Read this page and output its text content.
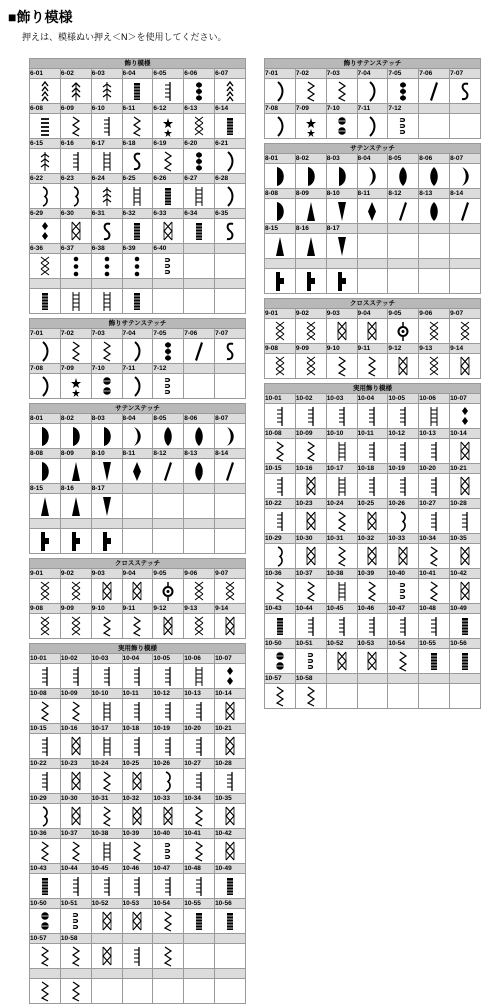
■飾り模様
押えは、模様ぬい押え＜N＞を使用してください。
飾り模様						
6-01	6-02	6-03	6-04	6-05	6-06	6-07

6-08	6-09	6-10	6-11	6-12	6-13	6-14

6-15	6-16	6-17	6-18	6-19	6-20	6-21

6-22	6-23	6-24	6-25	6-26	6-27	6-28

6-29	6-30	6-31	6-32	6-33	6-34	6-35

6-36	6-37	6-38	6-39	6-40		

飾りサテンステッチ						
7-01	7-02	7-03	7-04	7-05	7-06	7-07

7-08	7-09	7-10	7-11	7-12		

サテンステッチ						
8-01	8-02	8-03	8-04	8-05	8-06	8-07

8-08	8-09	8-10	8-11	8-12	8-13	8-14

8-15	8-16	8-17				

クロスステッチ						
9-01	9-02	9-03	9-04	9-05	9-06	9-07

9-08	9-09	9-10	9-11	9-12	9-13	9-14

実用飾り模様						
10-01	10-02	10-03	10-04	10-05	10-06	10-07

10-08	10-09	10-10	10-11	10-12	10-13	10-14

10-15	10-16	10-17	10-18	10-19	10-20	10-21

10-22	10-23	10-24	10-25	10-26	10-27	10-28

10-29	10-30	10-31	10-32	10-33	10-34	10-35

10-36	10-37	10-38	10-39	10-40	10-41	10-42

10-43	10-44	10-45	10-46	10-47	10-48	10-49

10-50	10-51	10-52	10-53	10-54	10-55	10-56

10-57	10-58					

飾りサテンステッチ						
7-01	7-02	7-03	7-04	7-05	7-06	7-07

7-08	7-09	7-10	7-11	7-12		

サテンステッチ						
8-01	8-02	8-03	8-04	8-05	8-06	8-07

8-08	8-09	8-10	8-11	8-12	8-13	8-14

8-15	8-16	8-17				

クロスステッチ						
9-01	9-02	9-03	9-04	9-05	9-06	9-07

9-08	9-09	9-10	9-11	9-12	9-13	9-14

実用飾り模様						
10-01	10-02	10-03	10-04	10-05	10-06	10-07

10-08	10-09	10-10	10-11	10-12	10-13	10-14

10-15	10-16	10-17	10-18	10-19	10-20	10-21

10-22	10-23	10-24	10-25	10-26	10-27	10-28

10-29	10-30	10-31	10-32	10-33	10-34	10-35

10-36	10-37	10-38	10-39	10-40	10-41	10-42

10-43	10-44	10-45	10-46	10-47	10-48	10-49

10-50	10-51	10-52	10-53	10-54	10-55	10-56

10-57	10-58					
